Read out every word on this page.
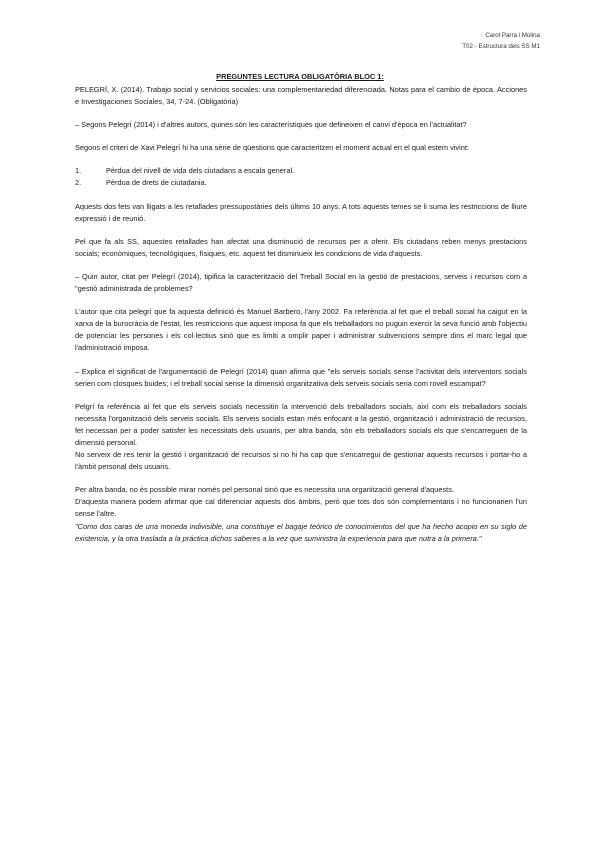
Carol Parra i Molina
T02 - Estructura dels SS M1
PREGUNTES LECTURA OBLIGATÒRIA BLOC 1:

PELEGRÍ, X. (2014). Trabajo social y servicios sociales: una complementariedad diferenciada. Notas para el cambio de época. Acciones e Investigaciones Sociales, 34, 7-24. (Obligatòria)

– Segons Pelegrí (2014) i d'altres autors, quines són les característiques que defineixen el canvi d'època en l'actualitat?

Segons el criteri de Xavi Pelegrí hi ha una sèrie de qüestions que caracteritzen el moment actual en el qual estem vivint:

1.	Pèrdua del nivell de vida dels ciutadans a escala general.
2.	Pèrdua de drets de ciutadania.

Aquests dos fets van lligats a les retallades pressupostàries dels últims 10 anys. A tots aquests temes se li suma les restriccions de lliure expressió i de reunió.

Pel que fa als SS, aquestes retallades han afectat una disminució de recursos per a oferir. Els ciutadans reben menys prestacions socials; econòmiques, tecnològiques, físiques, etc. aquest fet disminueix les condicions de vida d'aquests.

– Quin autor, citat per Pelegrí (2014), tipifica la caracterització del Treball Social en la gestió de prestacions, serveis i recursos com a "gestió administrada de problemes?

L'autor que cita pelegrí que fa aquesta definició és Manuel Barbero, l'any 2002. Fa referència al fet que el treball social ha caigut en la xarxa de la burocràcia de l'estat, les restriccions que aquest imposa fa que els treballadors no puguin exercir la seva funció amb l'objectiu de potenciar les persones i els col·lectius sinó que es limiti a omplir paper i administrar subvencions sempre dins el marc legal que l'administració imposa.

– Explica el significat de l'argumentació de Pelegrí (2014) quan afirma que "els serveis socials sense l'activitat dels interventors socials serien com closques buides; i el treball social sense la dimensió organitzativa dels serveis socials seria com rovell escampat?

Pelgrí fa referència al fet que els serveis socials necessitin la intervenció dels treballadors socials, així com els treballadors socials necessita l'organització dels serveis socials. Els serveis socials estan més enfocant a la gestió, organització i administració de recursos, fet necessari per a poder satisfer les necessitats dels usuaris, per altra banda, són els treballadors socials els que s'encarreguen de la dimensió personal.

No serveix de res tenir la gestió i organització de recursos si no hi ha cap que s'encarregui de gestionar aquests recursos i portar-ho a l'àmbit personal dels usuaris.

Per altra banda, no és possible mirar només pel personal sinó que es necessita una organització general d'aquests.

D'aquesta manera podem afirmar que cal diferenciar aquests dos àmbits, però que tots dos són complementaris i no funcionarien l'un sense l'altre.

"Como dos caras de una moneda indivisible, una constituye el bagaje teórico de conocimientos del que ha hecho acopio en su siglo de existencia, y la otra traslada a la práctica dichos saberes a la vez que suministra la experiencia para que nutra a la primera."
